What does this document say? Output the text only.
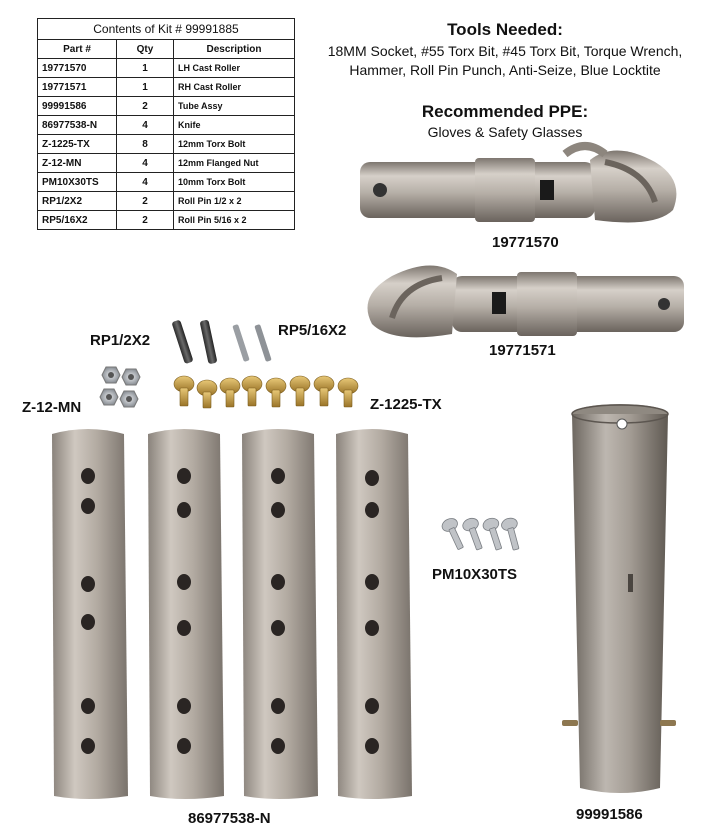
Contents of Kit # 99991885		
Part #	Qty	Description
19771570	1	LH Cast Roller
19771571	1	RH Cast Roller
99991586	2	Tube Assy
86977538-N	4	Knife
Z-1225-TX	8	12mm Torx Bolt
Z-12-MN	4	12mm Flanged Nut
PM10X30TS	4	10mm Torx Bolt
RP1/2X2	2	Roll Pin 1/2 x 2
RP5/16X2	2	Roll Pin 5/16 x 2
Tools Needed:
18MM Socket, #55 Torx Bit, #45 Torx Bit, Torque Wrench, Hammer, Roll Pin Punch, Anti-Seize, Blue Locktite
Recommended PPE:
Gloves & Safety Glasses
19771570
19771571
RP1/2X2
RP5/16X2
Z-12-MN	Z-1225-TX
86977538-N
PM10X30TS
99991586
